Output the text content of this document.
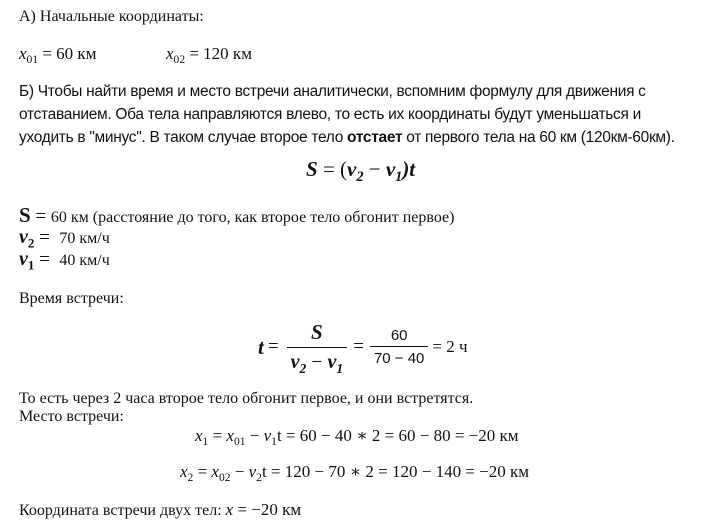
А) Начальные координаты:
$x_{01} = 60$ км	$x_{02} = 120$ км
Б) Чтобы найти время и место встречи аналитически, вспомним формулу для движения с
отставанием. Оба тела направляются влево, то есть их координаты будут уменьшаться и
уходить в "минус". В таком случае второе тело отстает от первого тела на 60 км (120км-60км).
$S = (v_2 - v_1)t$
S = 60 км (расстояние до того, как второе тело обгонит первое)
$v_2 = 70$ км/ч
$v_1 = 40$ км/ч
Время встречи:
$t = \frac{S}{v_2 - v_1} = \frac{60}{70 - 40} = 2$ ч
То есть через 2 часа второе тело обгонит первое, и они встретятся.
Место встречи:
$x_1 = x_{01} - v_1t = 60 - 40$ ∗ 2 = 60 − 80 = −20 км
$x_2 = x_{02} - v_2t = 120 - 70$ ∗ 2 = 120 − 140 = −20 км
Координата встречи двух тел: x = −20 км
